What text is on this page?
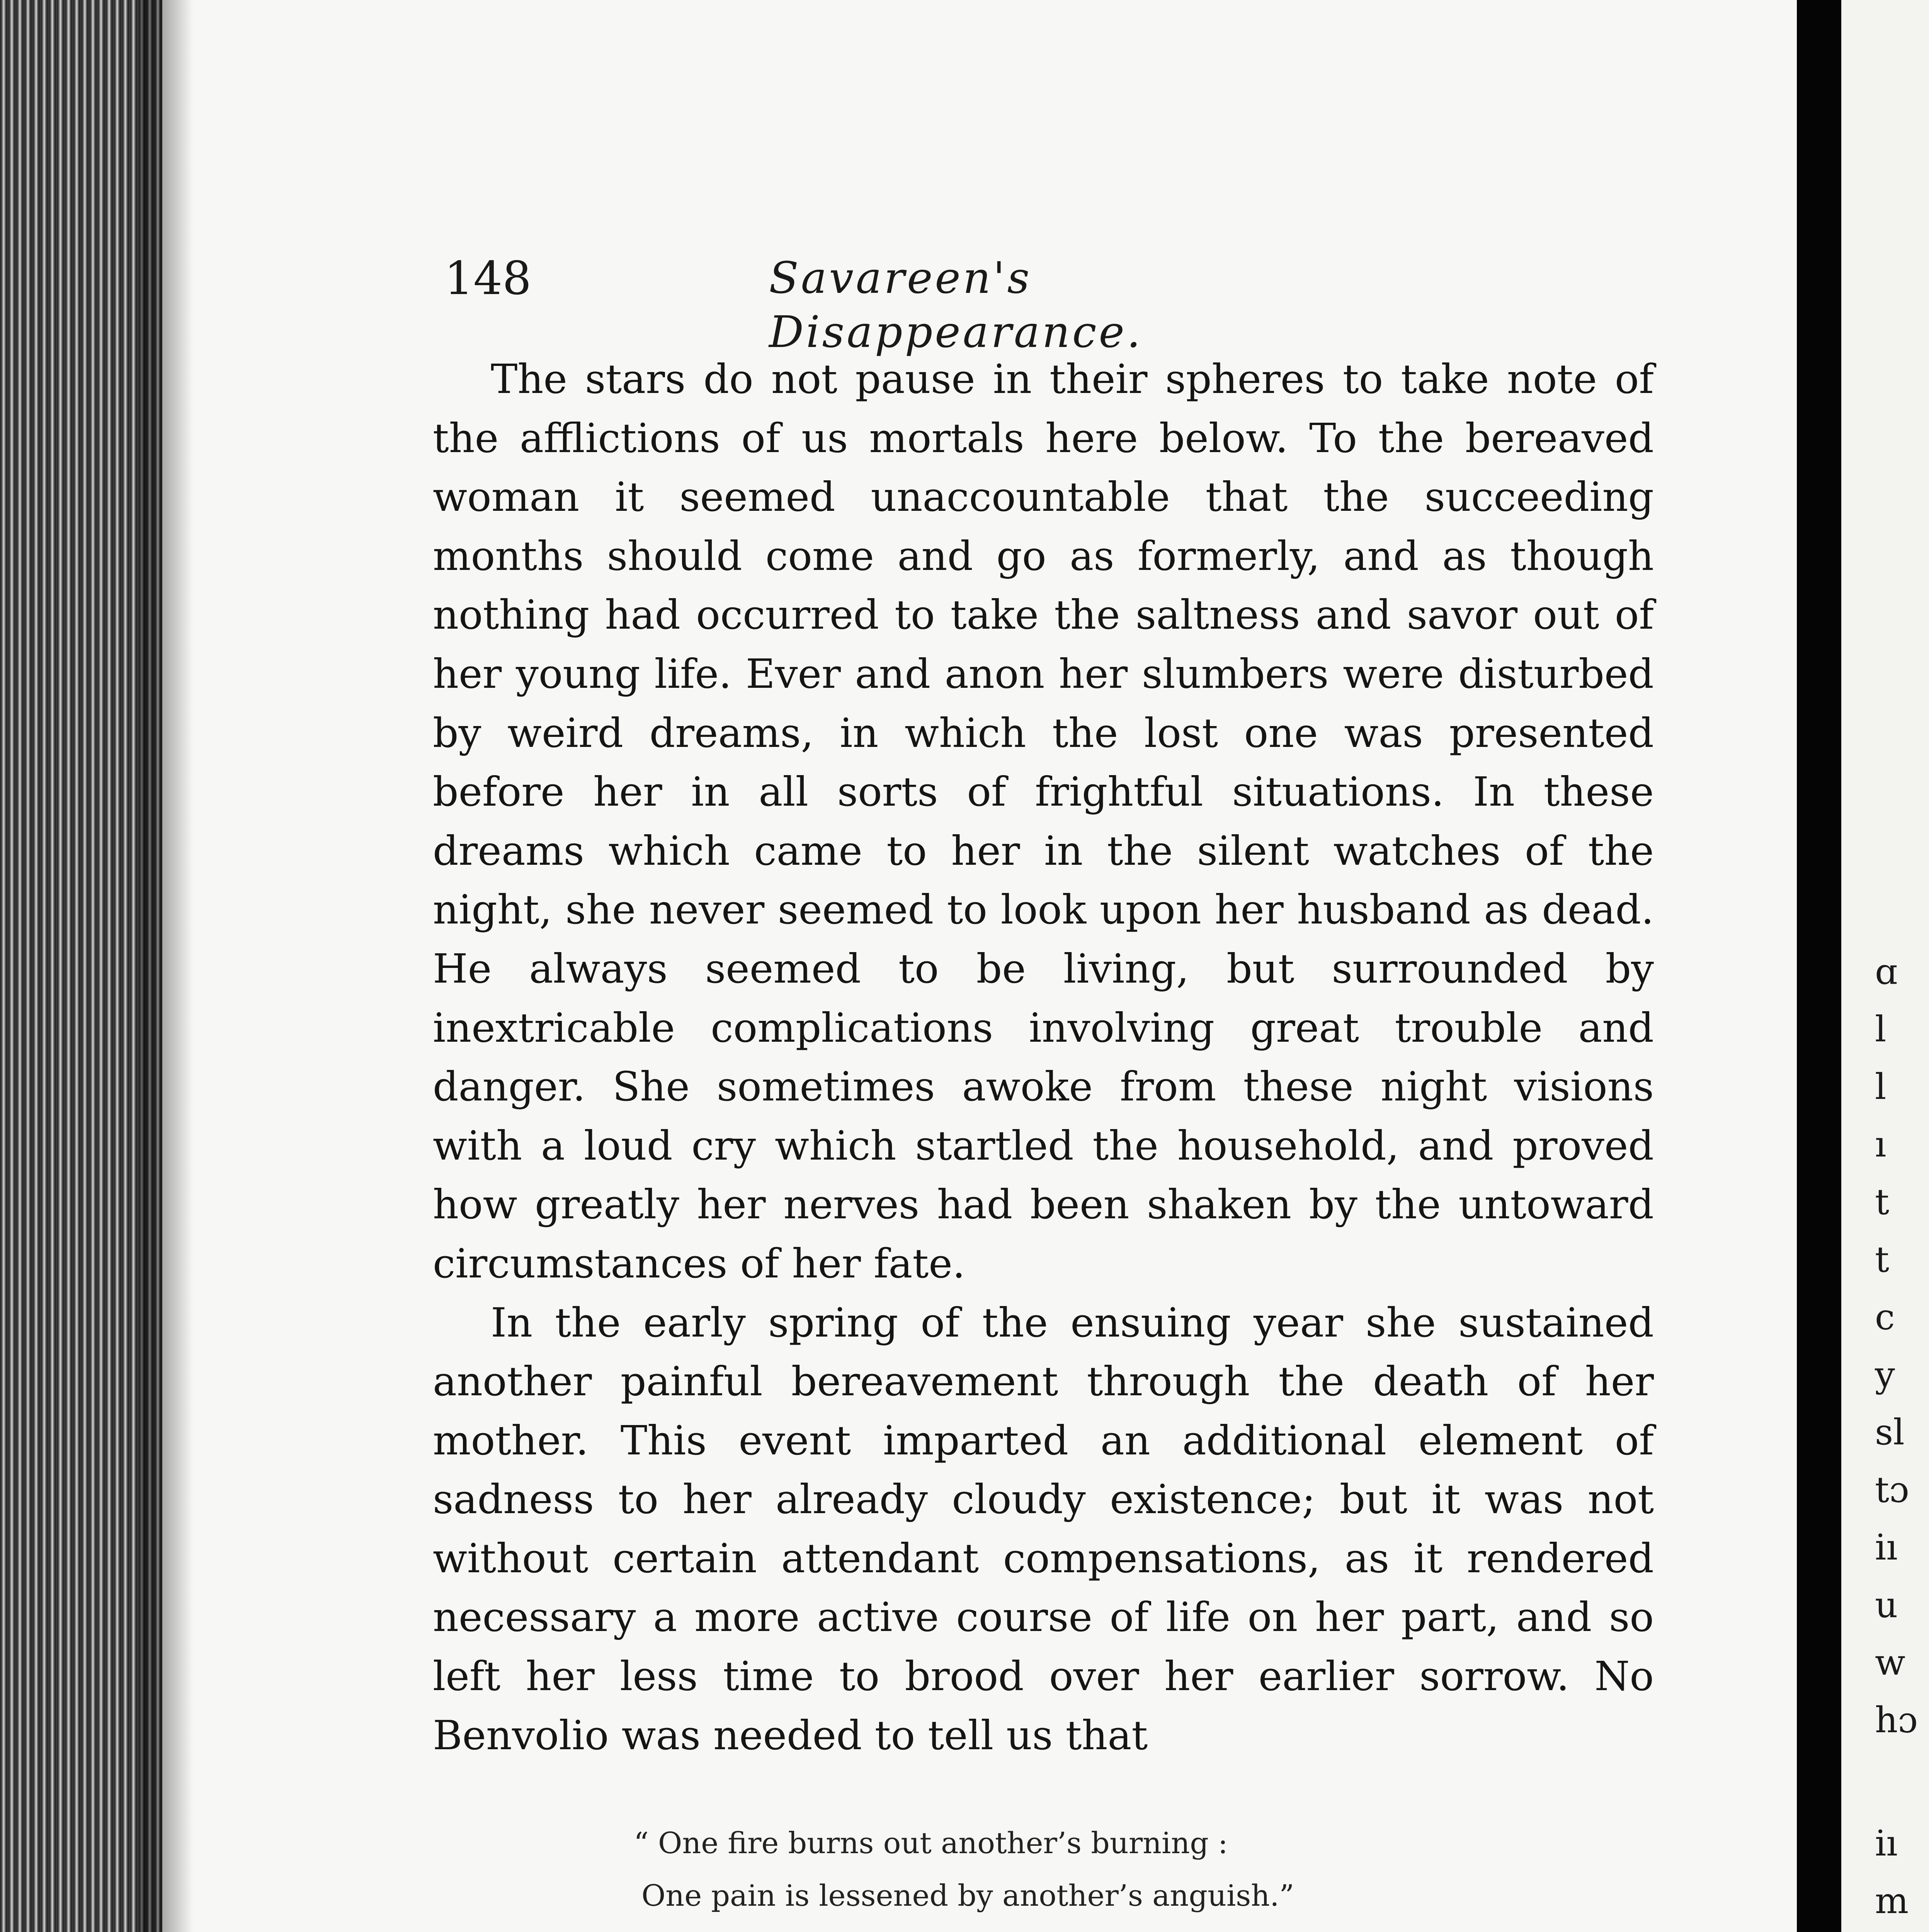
148	Savareen's Disappearance.

The stars do not pause in their spheres to take note of the afflictions of us mortals here below. To the bereaved woman it seemed unaccountable that the succeeding months should come and go as formerly, and as though nothing had occurred to take the saltness and savor out of her young life. Ever and anon her slumbers were disturbed by weird dreams, in which the lost one was presented before her in all sorts of frightful situations. In these dreams which came to her in the silent watches of the night, she never seemed to look upon her husband as dead. He always seemed to be living, but surrounded by inextricable complications involving great trouble and danger. She sometimes awoke from these night visions with a loud cry which startled the household, and proved how greatly her nerves had been shaken by the untoward circumstances of her fate.

In the early spring of the ensuing year she sustained another painful bereavement through the death of her mother. This event imparted an additional element of sadness to her already cloudy existence; but it was not without certain attendant compensations, as it rendered necessary a more active course of life on her part, and so left her less time to brood over her earlier sorrow. No Benvolio was needed to tell us that

“ One fire burns out another’s burning :
One pain is lessened by another’s anguish.”

ɑ
l
l
ı
t
t
c
y
sl
tɔ
iı
u
w
hɔ
iı
m
